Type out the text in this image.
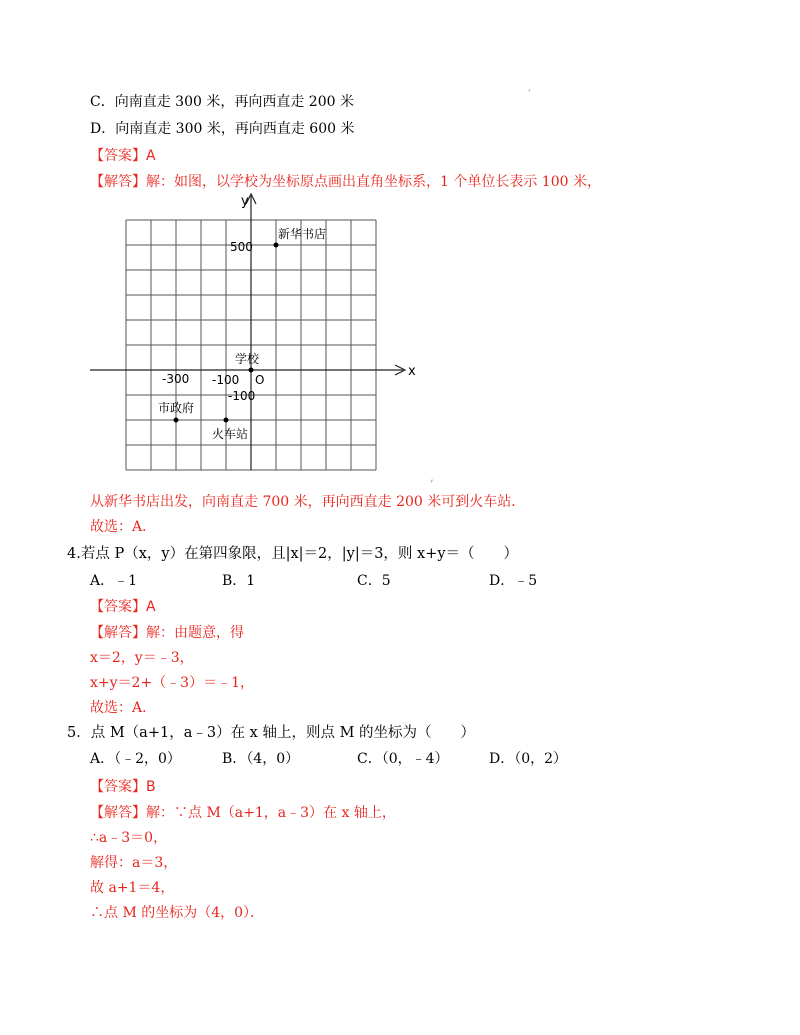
,
C．向南直走 300 米，再向西直走 200 米
D．向南直走 300 米，再向西直走 600 米
【答案】A
【解答】解：如图，以学校为坐标原点画出直角坐标系，1 个单位长表示 100 米，
x
y
O
500
-300 -100
-100
新华书店
学校
市政府
火车站
,
从新华书店出发，向南直走 700 米，再向西直走 200 米可到火车站．
故选：A．
4.若点 P（x，y）在第四象限，且|x|＝2，|y|＝3，则 x+y＝（　　）
A．﹣1	B．1	C．5	D．﹣5
【答案】A
【解答】解：由题意，得
x＝2，y＝﹣3，
x+y＝2+（﹣3）＝﹣1，
故选：A．
5．点 M（a+1，a﹣3）在 x 轴上，则点 M 的坐标为（　　）
A．（﹣2，0）	B．（4，0）	C．（0，﹣4）	D．（0，2）
【答案】B
【解答】解：∵点 M（a+1，a﹣3）在 x 轴上，
∴a﹣3＝0，
解得：a＝3，
故 a+1＝4，
∴点 M 的坐标为（4，0）．
